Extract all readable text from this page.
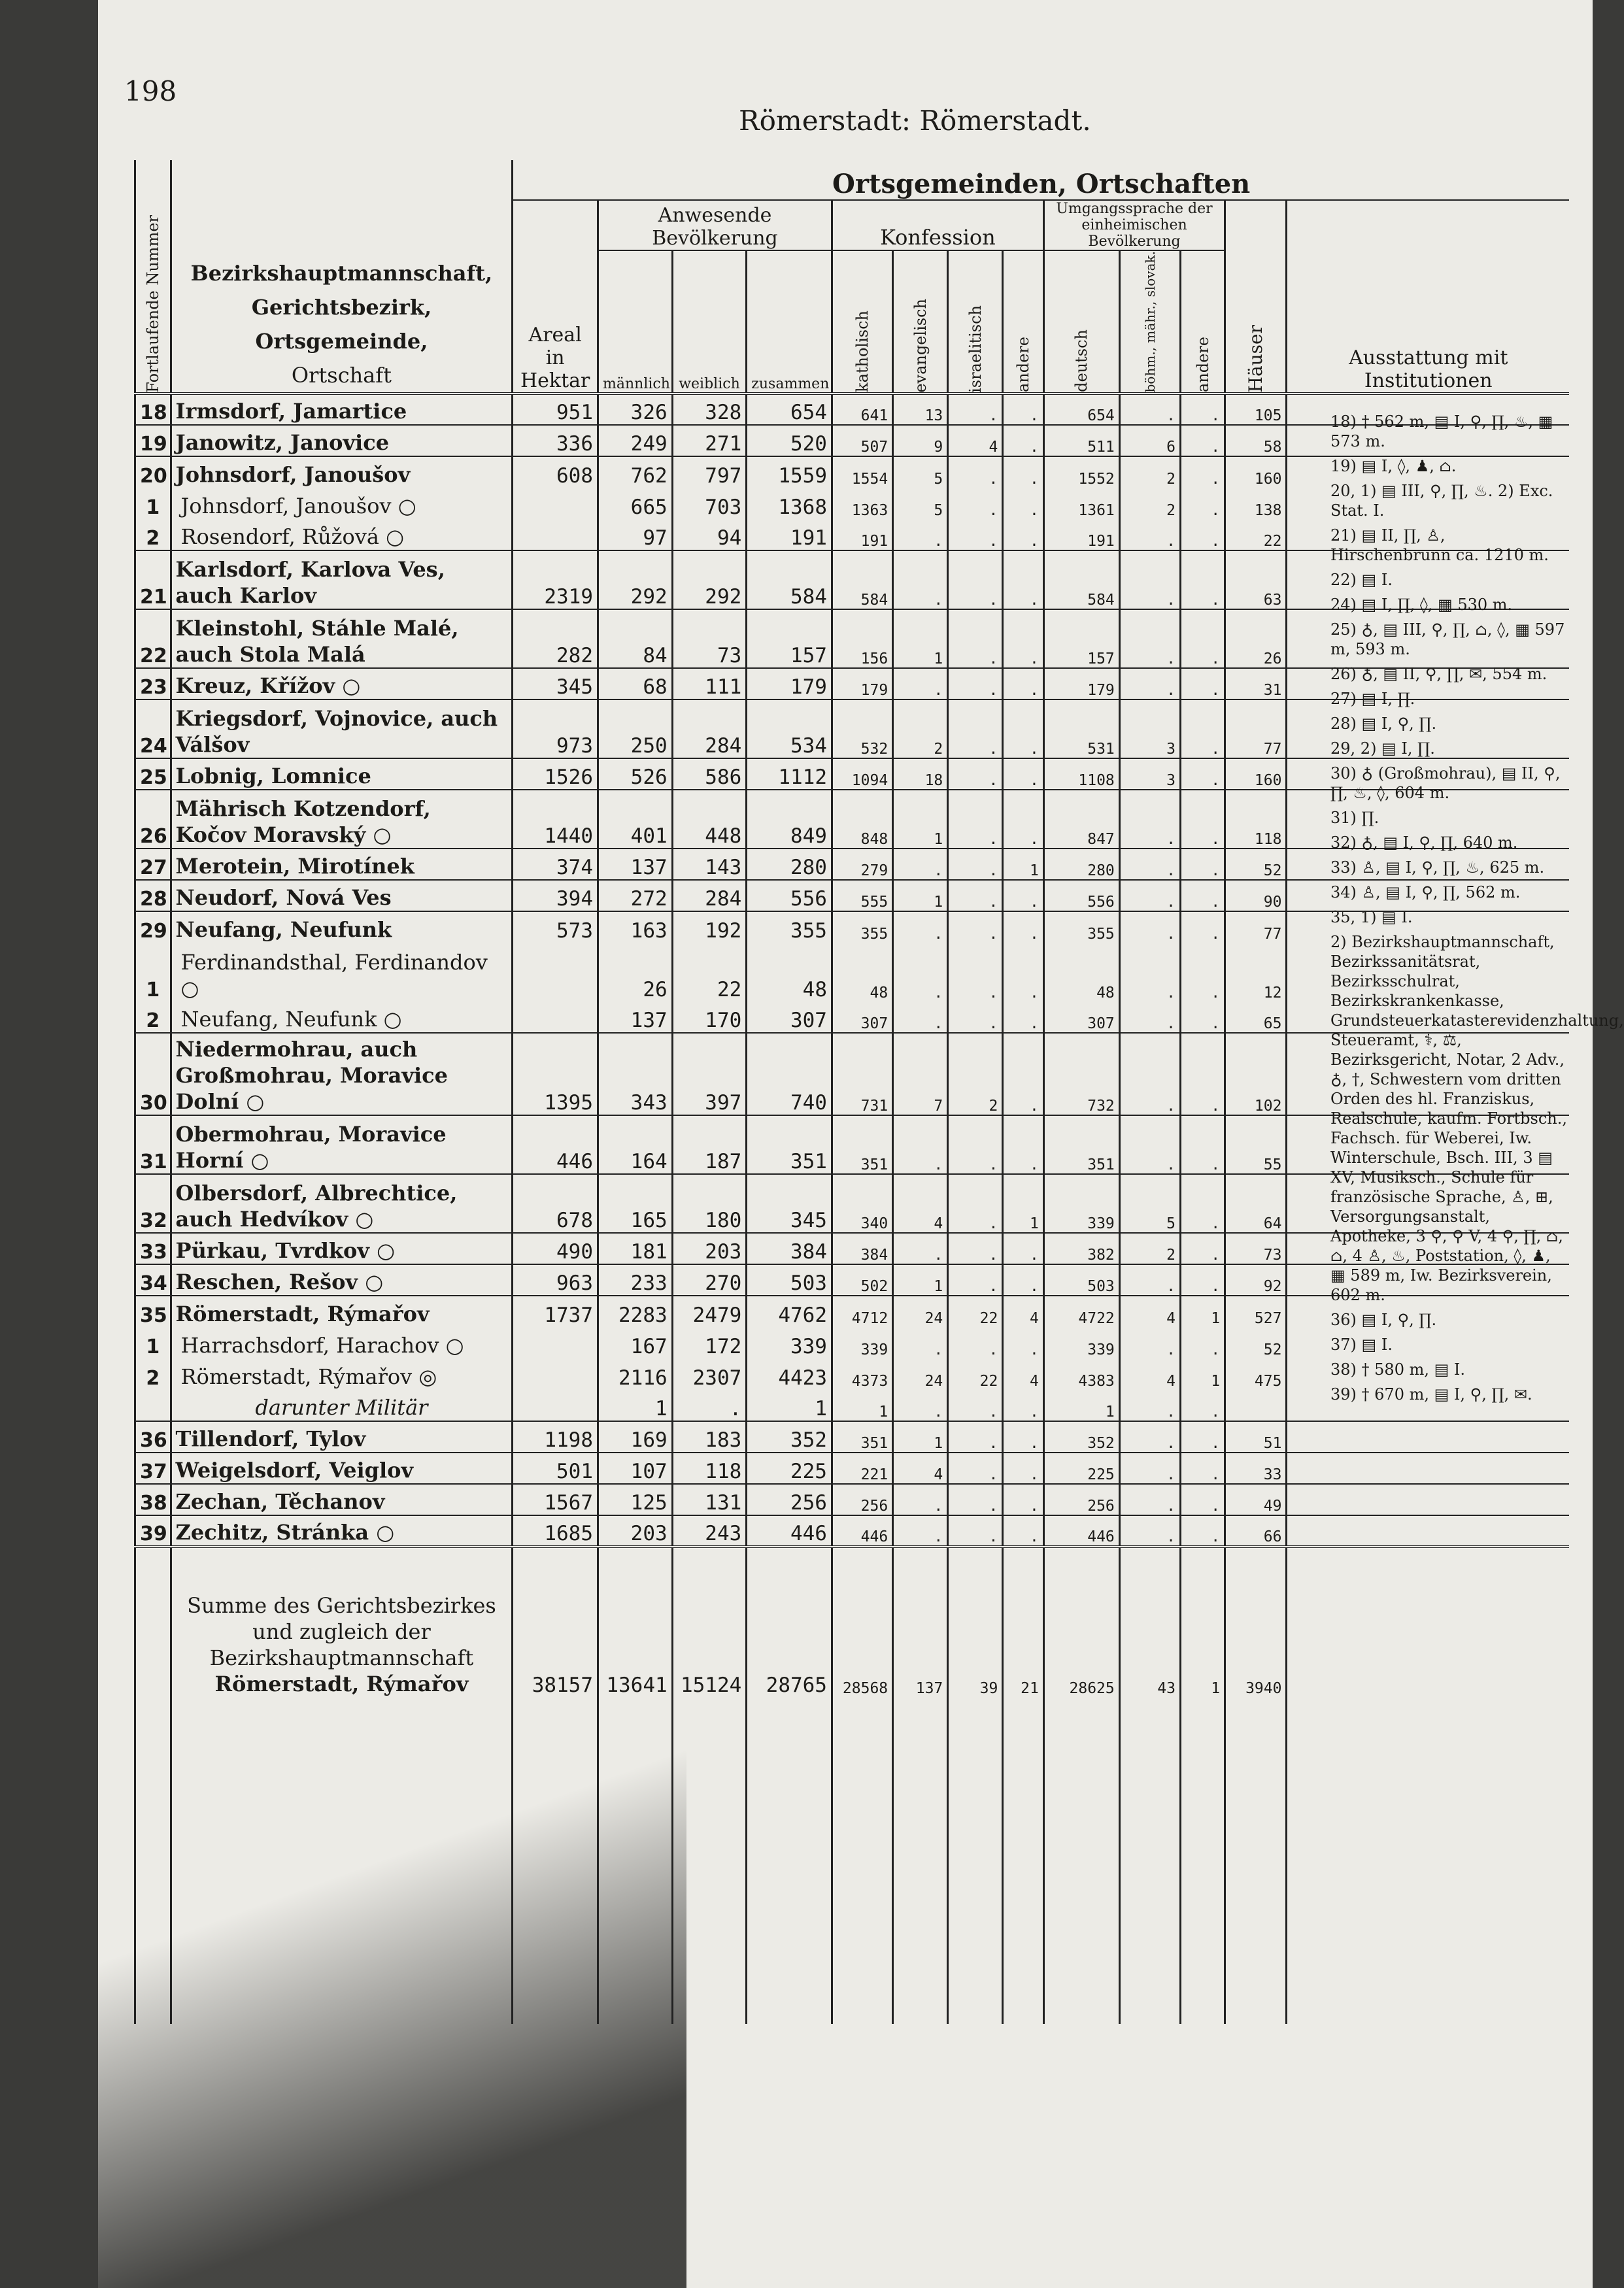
198
Römerstadt: Römerstadt.
Fortlaufende Nummer	Bezirkshauptmannschaft,
Gerichtsbezirk,
Ortsgemeinde,
Ortschaft	Ortsgemeinden, Ortschaften												
		Areal in Hektar	Anwesende Bevölkerung			Konfession				Umgangssprache der einheimischen Bevölkerung			Häuser	Ausstattung mit Institutionen
			männlich	weiblich	zusammen	katholisch	evangelisch	israelitisch	andere	deutsch	böhm., mähr., slovak.	andere		

18	Irmsdorf, Jamartice	951	326	328	654	641	13	.	.	654	.	.	105	
19	Janowitz, Janovice	336	249	271	520	507	9	4	.	511	6	.	58	
20	Johnsdorf, Janoušov	608	762	797	1559	1554	5	.	.	1552	2	.	160	
1	Johnsdorf, Janoušov ○		665	703	1368	1363	5	.	.	1361	2	.	138	
2	Rosendorf, Růžová ○		97	94	191	191	.	.	.	191	.	.	22	
21	Karlsdorf, Karlova Ves, auch Karlov	2319	292	292	584	584	.	.	.	584	.	.	63	
22	Kleinstohl, Stáhle Malé, auch Stola Malá	282	84	73	157	156	1	.	.	157	.	.	26	
23	Kreuz, Křížov ○	345	68	111	179	179	.	.	.	179	.	.	31	
24	Kriegsdorf, Vojnovice, auch Válšov	973	250	284	534	532	2	.	.	531	3	.	77	
25	Lobnig, Lomnice	1526	526	586	1112	1094	18	.	.	1108	3	.	160	
26	Mährisch Kotzendorf, Kočov Moravský ○	1440	401	448	849	848	1	.	.	847	.	.	118	
27	Merotein, Mirotínek	374	137	143	280	279	.	.	1	280	.	.	52	
28	Neudorf, Nová Ves	394	272	284	556	555	1	.	.	556	.	.	90	
29	Neufang, Neufunk	573	163	192	355	355	.	.	.	355	.	.	77	
1	Ferdinandsthal, Ferdinandov ○		26	22	48	48	.	.	.	48	.	.	12	
2	Neufang, Neufunk ○		137	170	307	307	.	.	.	307	.	.	65	
30	Niedermohrau, auch Großmohrau, Moravice Dolní ○	1395	343	397	740	731	7	2	.	732	.	.	102	
31	Obermohrau, Moravice Horní ○	446	164	187	351	351	.	.	.	351	.	.	55	
32	Olbersdorf, Albrechtice, auch Hedvíkov ○	678	165	180	345	340	4	.	1	339	5	.	64	
33	Pürkau, Tvrdkov ○	490	181	203	384	384	.	.	.	382	2	.	73	
34	Reschen, Rešov ○	963	233	270	503	502	1	.	.	503	.	.	92	
35	Römerstadt, Rýmařov	1737	2283	2479	4762	4712	24	22	4	4722	4	1	527	
1	Harrachsdorf, Harachov ○		167	172	339	339	.	.	.	339	.	.	52	
2	Römerstadt, Rýmařov ◎		2116	2307	4423	4373	24	22	4	4383	4	1	475	
	darunter Militär		1	.	1	1	.	.	.	1	.	.		
36	Tillendorf, Tylov	1198	169	183	352	351	1	.	.	352	.	.	51	
37	Weigelsdorf, Veiglov	501	107	118	225	221	4	.	.	225	.	.	33	
38	Zechan, Těchanov	1567	125	131	256	256	.	.	.	256	.	.	49	
39	Zechitz, Stránka ○	1685	203	243	446	446	.	.	.	446	.	.	66	

	Summe des Gerichtsbezirkes und zugleich der Bezirkshauptmannschaft
Römerstadt, Rýmařov	38157	13641	15124	28765	28568	137	39	21	28625	43	1	3940	

18) † 562 m, ▤ I, ⚲, ∏, ♨, ▦ 573 m.
19) ▤ I, ◊, ♟, ⌂.
20, 1) ▤ III, ⚲, ∏, ♨. 2) Exc. Stat. I.
21) ▤ II, ∏, ♙, Hirschenbrunn ca. 1210 m.
22) ▤ I.
24) ▤ I, ∏, ◊, ▦ 530 m.
25) ♁, ▤ III, ⚲, ∏, ⌂, ◊, ▦ 597 m, 593 m.
26) ♁, ▤ II, ⚲, ∏, ✉, 554 m.
27) ▤ I, ∏.
28) ▤ I, ⚲, ∏.
29, 2) ▤ I, ∏.
30) ♁ (Großmohrau), ▤ II, ⚲, ∏, ♨, ◊, 604 m.
31) ∏.
32) ♁, ▤ I, ⚲, ∏, 640 m.
33) ♙, ▤ I, ⚲, ∏, ♨, 625 m.
34) ♙, ▤ I, ⚲, ∏, 562 m.
35, 1) ▤ I.
2) Bezirkshauptmannschaft, Bezirkssanitätsrat, Bezirksschulrat, Bezirkskrankenkasse, Grundsteuerkatasterevidenzhaltung, Steueramt, ⚕, ⚖, Bezirksgericht, Notar, 2 Adv., ♁, †, Schwestern vom dritten Orden des hl. Franziskus, Realschule, kaufm. Fortbsch., Fachsch. für Weberei, Iw. Winterschule, Bsch. III, 3 ▤ XV, Musiksch., Schule für französische Sprache, ♙, ⊞, Versorgungsanstalt, Apotheke, 3 ⚲, ⚲ V, 4 ⚲, ∏, ⌂, ⌂, 4 ♙, ♨, Poststation, ◊, ♟, ▦ 589 m, Iw. Bezirksverein, 602 m.
36) ▤ I, ⚲, ∏.
37) ▤ I.
38) † 580 m, ▤ I.
39) † 670 m, ▤ I, ⚲, ∏, ✉.
